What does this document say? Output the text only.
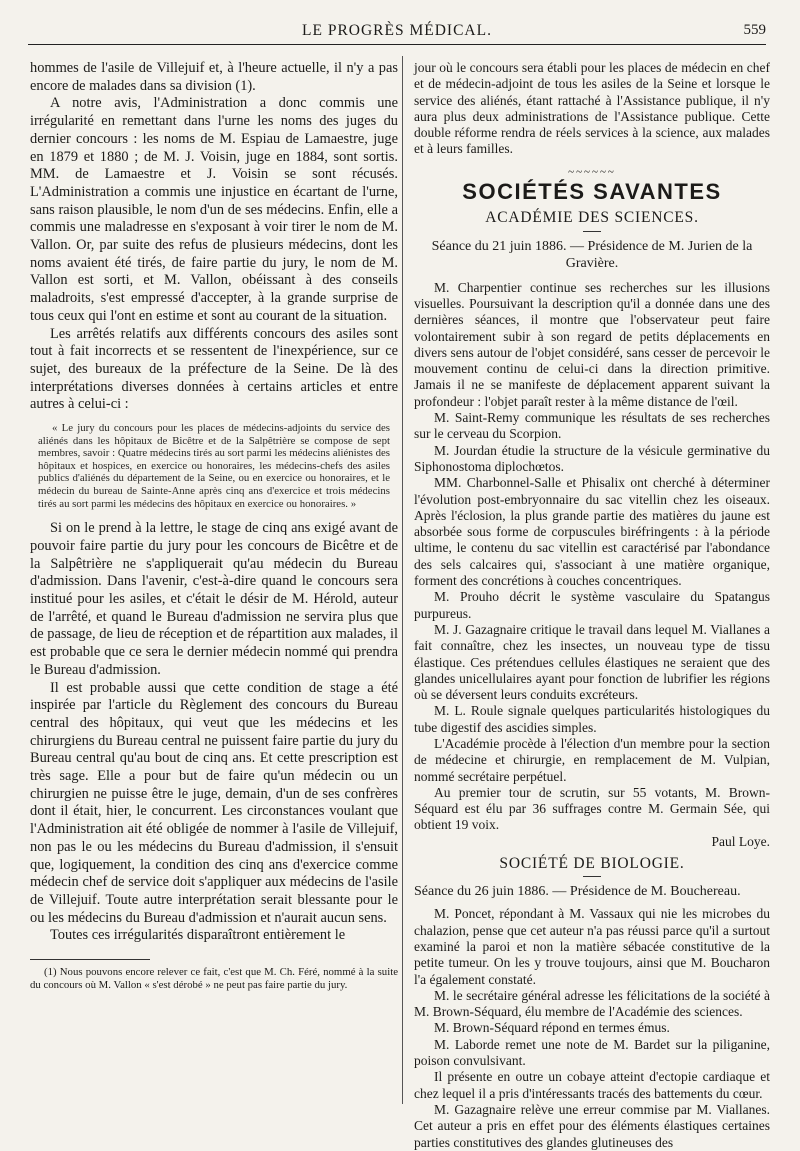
LE PROGRÈS MÉDICAL.	559

hommes de l'asile de Villejuif et, à l'heure actuelle, il n'y a pas encore de malades dans sa division (1).

A notre avis, l'Administration a donc commis une irrégularité en remettant dans l'urne les noms des juges du dernier concours : les noms de M. Espiau de Lamaestre, juge en 1879 et 1880 ; de M. J. Voisin, juge en 1884, sont sortis. MM. de Lamaestre et J. Voisin se sont récusés. L'Administration a commis une injustice en écartant de l'urne, sans raison plausible, le nom d'un de ses médecins. Enfin, elle a commis une maladresse en s'exposant à voir tirer le nom de M. Vallon. Or, par suite des refus de plusieurs médecins, dont les noms avaient été tirés, de faire partie du jury, le nom de M. Vallon est sorti, et M. Vallon, obéissant à des conseils maladroits, s'est empressé d'accepter, à la grande surprise de tous ceux qui l'ont en estime et sont au courant de la situation.

Les arrêtés relatifs aux différents concours des asiles sont tout à fait incorrects et se ressentent de l'inexpérience, sur ce sujet, des bureaux de la préfecture de la Seine. De là des interprétations diverses données à certains articles et entre autres à celui-ci :

« Le jury du concours pour les places de médecins-adjoints du service des aliénés dans les hôpitaux de Bicêtre et de la Salpêtrière se compose de sept membres, savoir : Quatre médecins tirés au sort parmi les médecins aliénistes des hôpitaux et hospices, en exercice ou honoraires, les médecins-chefs des asiles publics d'aliénés du département de la Seine, ou en exercice ou honoraires, et le médecin du bureau de Sainte-Anne après cinq ans d'exercice et trois médecins tirés au sort parmi les médecins des hôpitaux en exercice ou honoraires. »

Si on le prend à la lettre, le stage de cinq ans exigé avant de pouvoir faire partie du jury pour les concours de Bicêtre et de la Salpêtrière ne s'appliquerait qu'au médecin du Bureau d'admission. Dans l'avenir, c'est-à-dire quand le concours sera institué pour les asiles, et c'était le désir de M. Hérold, auteur de l'arrêté, et quand le Bureau d'admission ne servira plus que de passage, de lieu de réception et de répartition aux malades, il est probable que ce sera le dernier médecin nommé qui prendra le Bureau d'admission.

Il est probable aussi que cette condition de stage a été inspirée par l'article du Règlement des concours du Bureau central des hôpitaux, qui veut que les médecins et les chirurgiens du Bureau central ne puissent faire partie du jury du Bureau central qu'au bout de cinq ans. Et cette prescription est très sage. Elle a pour but de faire qu'un médecin ou un chirurgien ne puisse être le juge, demain, d'un de ses confrères dont il était, hier, le concurrent. Les circonstances voulant que l'Administration ait été obligée de nommer à l'asile de Villejuif, non pas le ou les médecins du Bureau d'admission, il s'ensuit que, logiquement, la condition des cinq ans d'exercice comme médecin chef de service doit s'appliquer aux médecins de l'asile de Villejuif. Toute autre interprétation serait blessante pour le ou les médecins du Bureau d'admission et n'aurait aucun sens.

Toutes ces irrégularités disparaîtront entièrement le

(1) Nous pouvons encore relever ce fait, c'est que M. Ch. Féré, nommé à la suite du concours où M. Vallon « s'est dérobé » ne peut pas faire partie du jury.

jour où le concours sera établi pour les places de médecin en chef et de médecin-adjoint de tous les asiles de la Seine et lorsque le service des aliénés, étant rattaché à l'Assistance publique, il n'y aura plus deux administrations de l'Assistance publique. Cette double réforme rendra de réels services à la science, aux malades et à leurs familles.

~~~~~~
SOCIÉTÉS SAVANTES
ACADÉMIE DES SCIENCES.
Séance du 21 juin 1886. — Présidence de M. Jurien de la Gravière.

M. Charpentier continue ses recherches sur les illusions visuelles. Poursuivant la description qu'il a donnée dans une des dernières séances, il montre que l'observateur peut faire volontairement subir à son regard de petits déplacements en divers sens autour de l'objet considéré, sans cesser de percevoir le mouvement continu de celui-ci dans la direction primitive. Jamais il ne se manifeste de déplacement apparent suivant la profondeur : l'objet paraît rester à la même distance de l'œil.

M. Saint-Remy communique les résultats de ses recherches sur le cerveau du Scorpion.

M. Jourdan étudie la structure de la vésicule germinative du Siphonostoma diplochœtos.

MM. Charbonnel-Salle et Phisalix ont cherché à déterminer l'évolution post-embryonnaire du sac vitellin chez les oiseaux. Après l'éclosion, la plus grande partie des matières du jaune est absorbée sous forme de corpuscules biréfringents : à la période ultime, le contenu du sac vitellin est caractérisé par l'abondance des sels calcaires qui, s'associant à une matière organique, forment des concrétions à couches concentriques.

M. Prouho décrit le système vasculaire du Spatangus purpureus.

M. J. Gazagnaire critique le travail dans lequel M. Viallanes a fait connaître, chez les insectes, un nouveau type de tissu élastique. Ces prétendues cellules élastiques ne seraient que des glandes unicellulaires ayant pour fonction de lubrifier les régions où se déversent leurs conduits excréteurs.

M. L. Roule signale quelques particularités histologiques du tube digestif des ascidies simples.

L'Académie procède à l'élection d'un membre pour la section de médecine et chirurgie, en remplacement de M. Vulpian, nommé secrétaire perpétuel.

Au premier tour de scrutin, sur 55 votants, M. Brown-Séquard est élu par 36 suffrages contre M. Germain Sée, qui obtient 19 voix.

Paul Loye.
SOCIÉTÉ DE BIOLOGIE.
Séance du 26 juin 1886. — Présidence de M. Bouchereau.

M. Poncet, répondant à M. Vassaux qui nie les microbes du chalazion, pense que cet auteur n'a pas réussi parce qu'il a surtout examiné la paroi et non la matière sébacée constitutive de la petite tumeur. On les y trouve toujours, ainsi que M. Boucharon l'a également constaté.

M. le secrétaire général adresse les félicitations de la société à M. Brown-Séquard, élu membre de l'Académie des sciences.

M. Brown-Séquard répond en termes émus.

M. Laborde remet une note de M. Bardet sur la piliganine, poison convulsivant.

Il présente en outre un cobaye atteint d'ectopie cardiaque et chez lequel il a pris d'intéressants tracés des battements du cœur.

M. Gazagnaire relève une erreur commise par M. Viallanes. Cet auteur a pris en effet pour des éléments élastiques certaines parties constitutives des glandes glutineuses des
